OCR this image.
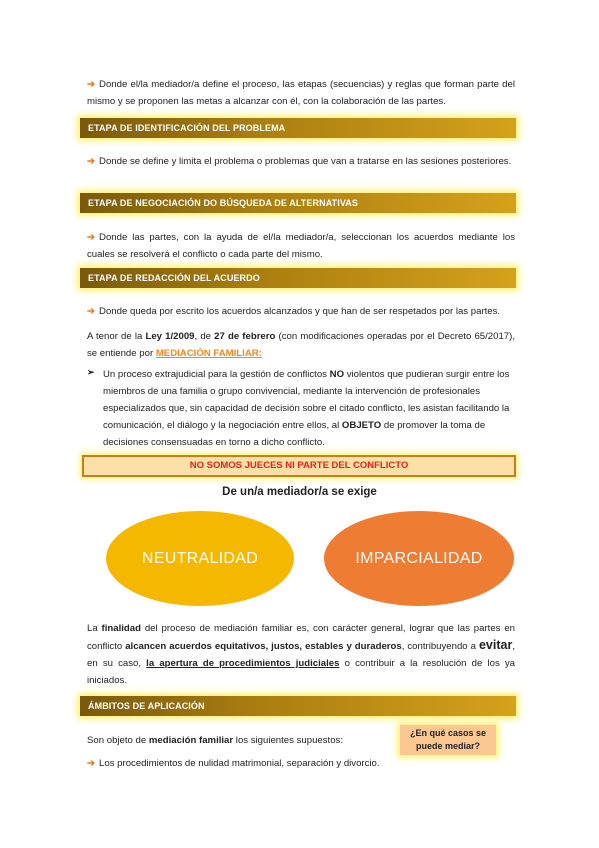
➔ Donde el/la mediador/a define el proceso, las etapas (secuencias) y reglas que forman parte del mismo y se proponen las metas a alcanzar con él, con la colaboración de las partes.
ETAPA DE IDENTIFICACIÓN DEL PROBLEMA
➔ Donde se define y limita el problema o problemas que van a tratarse en las sesiones posteriores.
ETAPA DE NEGOCIACIÓN DO BÚSQUEDA DE ALTERNATIVAS
➔ Donde las partes, con la ayuda de el/la mediador/a, seleccionan los acuerdos mediante los cuales se resolverá el conflicto o cada parte del mismo.
ETAPA DE REDACCIÓN DEL ACUERDO
➔ Donde queda por escrito los acuerdos alcanzados y que han de ser respetados por las partes.
A tenor de la Ley 1/2009, de 27 de febrero (con modificaciones operadas por el Decreto 65/2017), se entiende por MEDIACIÓN FAMILIAR:
➢ Un proceso extrajudicial para la gestión de conflictos NO violentos que pudieran surgir entre los miembros de una familia o grupo convivencial, mediante la intervención de profesionales especializados que, sin capacidad de decisión sobre el citado conflicto, les asistan facilitando la comunicación, el diálogo y la negociación entre ellos, al OBJETO de promover la toma de decisiones consensuadas en torno a dicho conflicto.
NO SOMOS JUECES NI PARTE DEL CONFLICTO
De un/a mediador/a se exige
NEUTRALIDAD	IMPARCIALIDAD
La finalidad del proceso de mediación familiar es, con carácter general, lograr que las partes en conflicto alcancen acuerdos equitativos, justos, estables y duraderos, contribuyendo a evitar, en su caso, la apertura de procedimientos judiciales o contribuir a la resolución de los ya iniciados.
ÁMBITOS DE APLICACIÓN
Son objeto de mediación familiar los siguientes supuestos:
¿En qué casos se
puede mediar?
➔ Los procedimientos de nulidad matrimonial, separación y divorcio.
